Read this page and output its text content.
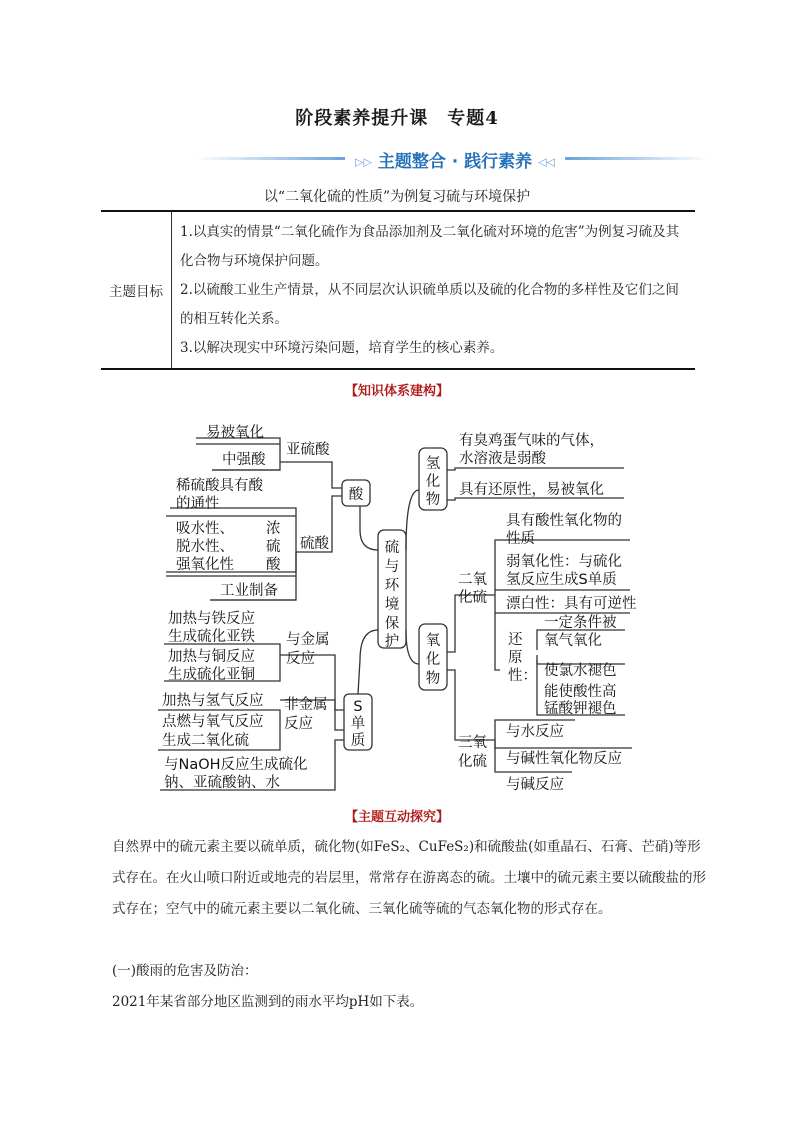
阶段素养提升课　专题4
▷▷ 主题整合 · 践行素养 ◁◁
以“二氧化硫的性质”为例复习硫与环境保护
主题目标	
1.以真实的情景“二氧化硫作为食品添加剂及二氧化硫对环境的危害”为例复习硫及其化合物与环境保护问题。
2.以硫酸工业生产情景，从不同层次认识硫单质以及硫的化合物的多样性及它们之间的相互转化关系。
3.以解决现实中环境污染问题，培育学生的核心素养。
【知识体系建构】
硫
与
环
境
保
护
酸
亚硫酸
易被氧化
中强酸
硫酸
稀硫酸具有酸
的通性
吸水性、
脱水性、
强氧化性
浓
硫
酸
工业制备
S
单
质
与金属
反应
加热与铁反应
生成硫化亚铁
加热与铜反应
生成硫化亚铜
非金属
反应
加热与氢气反应
点燃与氧气反应
生成二氧化硫
与NaOH反应生成硫化
钠、亚硫酸钠、水
氢
化
物
有臭鸡蛋气味的气体，
水溶液是弱酸
具有还原性，易被氧化
氧
化
物
二氧
化硫
具有酸性氧化物的
性质
弱氧化性：与硫化
氢反应生成S单质
漂白性：具有可逆性
还
原
性：
一定条件被
氧气氧化
使氯水褪色
能使酸性高
锰酸钾褪色
三氧
化硫
与水反应
与碱性氧化物反应
与碱反应
【主题互动探究】
自然界中的硫元素主要以硫单质，硫化物(如FeS₂、CuFeS₂)和硫酸盐(如重晶石、石膏、芒硝)等形式存在。在火山喷口附近或地壳的岩层里，常常存在游离态的硫。土壤中的硫元素主要以硫酸盐的形式存在；空气中的硫元素主要以二氧化硫、三氧化硫等硫的气态氧化物的形式存在。
(一)酸雨的危害及防治：
2021年某省部分地区监测到的雨水平均pH如下表。
